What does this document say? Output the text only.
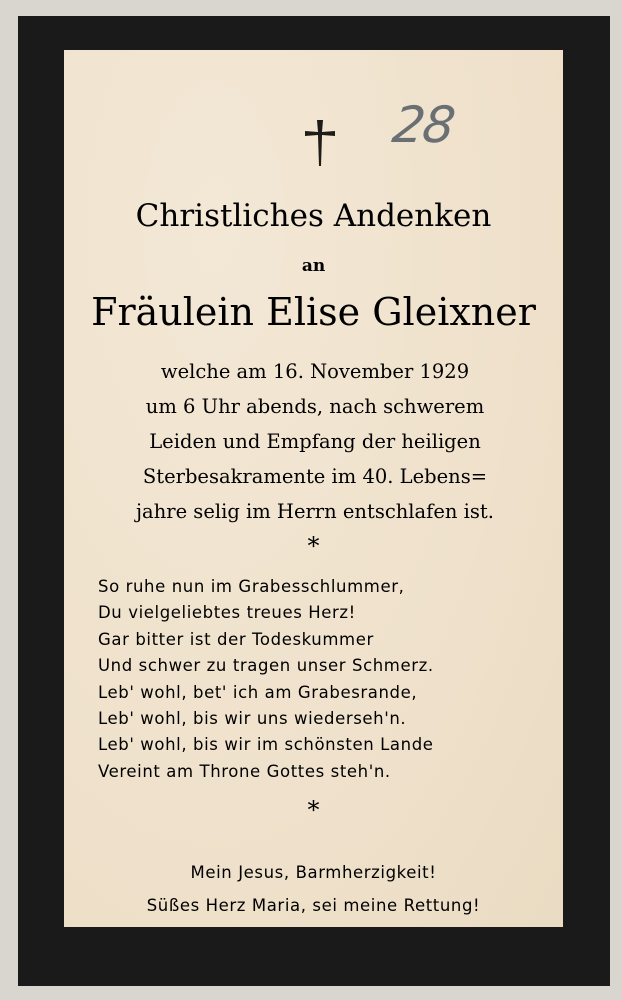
28
Christliches Andenken
an
Fräulein Elise Gleixner
welche am 16. November 1929
um 6 Uhr abends, nach schwerem
Leiden und Empfang der heiligen
Sterbesakramente im 40. Lebens=
jahre selig im Herrn entschlafen ist.
*
So ruhe nun im Grabesschlummer,
Du vielgeliebtes treues Herz!
Gar bitter ist der Todeskummer
Und schwer zu tragen unser Schmerz.
Leb' wohl, bet' ich am Grabesrande,
Leb' wohl, bis wir uns wiederseh'n.
Leb' wohl, bis wir im schönsten Lande
Vereint am Throne Gottes steh'n.
*
Mein Jesus, Barmherzigkeit!
Süßes Herz Maria, sei meine Rettung!
